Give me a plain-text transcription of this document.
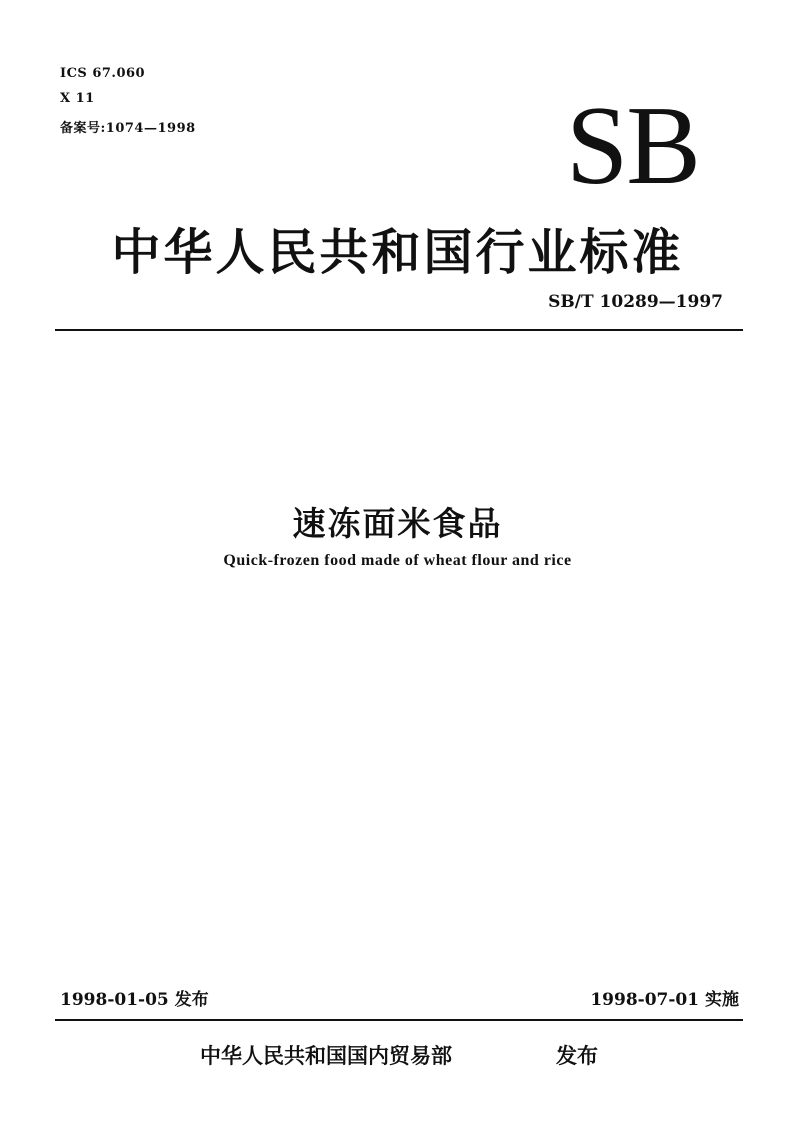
ICS 67.060
X 11
备案号:1074—1998	SB
中华人民共和国行业标准
SB/T 10289—1997
速冻面米食品
Quick-frozen food made of wheat flour and rice
1998-01-05 发布	1998-07-01 实施
中华人民共和国国内贸易部	发布
